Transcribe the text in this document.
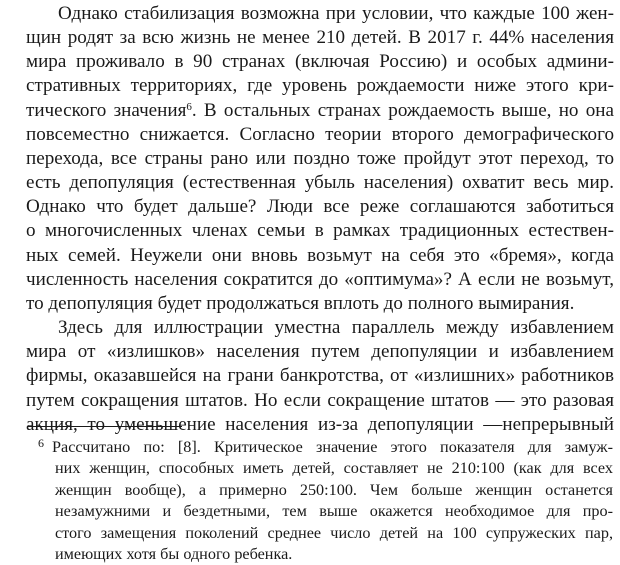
Однако стабилизация возможна при условии, что каждые 100 жен-
щин родят за всю жизнь не менее 210 детей. В 2017 г. 44% населения
мира проживало в 90 странах (включая Россию) и особых админи-
стративных территориях, где уровень рождаемости ниже этого кри-
тического значения$^6$. В остальных странах рождаемость выше, но она
повсеместно снижается. Согласно теории второго демографического
перехода, все страны рано или поздно тоже пройдут этот переход, то
есть депопуляция (естественная убыль населения) охватит весь мир.
Однако что будет дальше? Люди все реже соглашаются заботиться
о многочисленных членах семьи в рамках традиционных естествен-
ных семей. Неужели они вновь возьмут на себя это «бремя», когда
численность населения сократится до «оптимума»? А если не возьмут,
то депопуляция будет продолжаться вплоть до полного вымирания.
Здесь для иллюстрации уместна параллель между избавлением
мира от «излишков» населения путем депопуляции и избавлением
фирмы, оказавшейся на грани банкротства, от «излишних» работников
путем сокращения штатов. Но если сокращение штатов — это разовая
акция, то уменьшение населения из-за депопуляции —непрерывный
$^6$ Рассчитано по: [8]. Критическое значение этого показателя для замуж-
них женщин, способных иметь детей, составляет не 210:100 (как для всех
женщин вообще), а примерно 250:100. Чем больше женщин останется
незамужними и бездетными, тем выше окажется необходимое для про-
стого замещения поколений среднее число детей на 100 супружеских пар,
имеющих хотя бы одного ребенка.
